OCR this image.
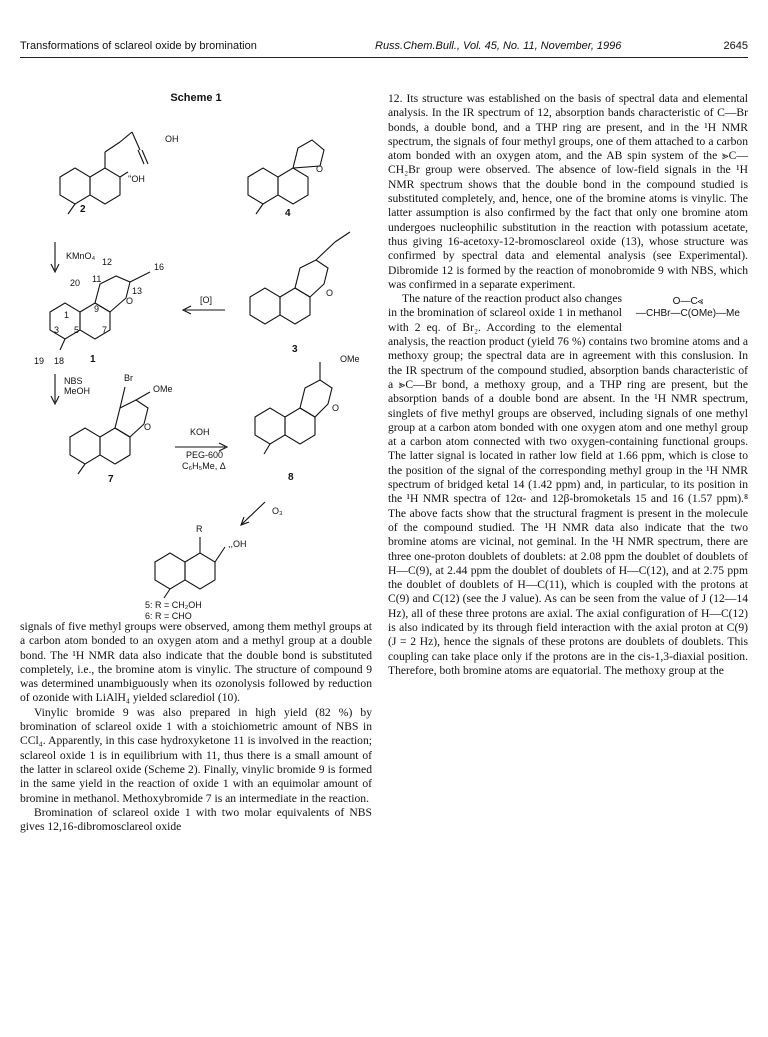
Transformations of sclareol oxide by bromination	Russ.Chem.Bull., Vol. 45, No. 11, November, 1996	2645
Scheme 1
OH
''OH
2	4
O
KMnO₄
12	16
20 11
13
9
1
3 5	7
19 18
O
1
[O]
3
O
NBS
MeOH
Br
OMe
O
7
KOH
PEG-600
C₆H₅Me, Δ
OMe
O
8
O₃
R
,,OH
5: R = CH₂OH
6: R = CHO

signals of five methyl groups were observed, among them methyl groups at a carbon atom bonded to an oxygen atom and a methyl group at a double bond. The ¹H NMR data also indicate that the double bond is substituted completely, i.e., the bromine atom is vinylic. The structure of compound 9 was determined unambiguously when its ozonolysis followed by reduction of ozonide with LiAlH₄ yielded sclarediol (10).

Vinylic bromide 9 was also prepared in high yield (82 %) by bromination of sclareol oxide 1 with a stoichiometric amount of NBS in CCl₄. Apparently, in this case hydroxyketone 11 is involved in the reaction; sclareol oxide 1 is in equilibrium with 11, thus there is a small amount of the latter in sclareol oxide (Scheme 2). Finally, vinylic bromide 9 is formed in the same yield in the reaction of oxide 1 with an equimolar amount of bromine in methanol. Methoxybromide 7 is an intermediate in the reaction.

Bromination of sclareol oxide 1 with two molar equivalents of NBS gives 12,16-dibromosclareol oxide

12. Its structure was established on the basis of spectral data and elemental analysis. In the IR spectrum of 12, absorption bands characteristic of C—Br bonds, a double bond, and a THP ring are present, and in the ¹H NMR spectrum, the signals of four methyl groups, one of them attached to a carbon atom bonded with an oxygen atom, and the AB spin system of the ⪢C—CH₂Br group were observed. The absence of low-field signals in the ¹H NMR spectrum shows that the double bond in the compound studied is substituted completely, and, hence, one of the bromine atoms is vinylic. The latter assumption is also confirmed by the fact that only one bromine atom undergoes nucleophilic substitution in the reaction with potassium acetate, thus giving 16-acetoxy-12-bromosclareol oxide (13), whose structure was confirmed by spectral data and elemental analysis (see Experimental). Dibromide 12 is formed by the reaction of monobromide 9 with NBS, which was confirmed in a separate experiment.

O—C⪡
—CHBr—C(OMe)—Me

The nature of the reaction product also changes in the bromination of sclareol oxide 1 in methanol with 2 eq. of Br₂. According to the elemental analysis, the reaction product (yield 76 %) contains two bromine atoms and a methoxy group; the spectral data are in agreement with this conslusion. In the IR spectrum of the compound studied, absorption bands characteristic of a ⪢C—Br bond, a methoxy group, and a THP ring are present, but the absorption bands of a double bond are absent. In the ¹H NMR spectrum, singlets of five methyl groups are observed, including signals of one methyl group at a carbon atom bonded with one oxygen atom and one methyl group at a carbon atom connected with two oxygen-containing functional groups. The latter signal is located in rather low field at 1.66 ppm, which is close to the position of the signal of the corresponding methyl group in the ¹H NMR spectrum of bridged ketal 14 (1.42 ppm) and, in particular, to its position in the ¹H NMR spectra of 12α- and 12β-bromoketals 15 and 16 (1.57 ppm).⁸ The above facts show that the structural fragment is present in the molecule of the compound studied. The ¹H NMR data also indicate that the two bromine atoms are vicinal, not geminal. In the ¹H NMR spectrum, there are three one-proton doublets of doublets: at 2.08 ppm the doublet of doublets of H—C(9), at 2.44 ppm the doublet of doublets of H—C(12), and at 2.75 ppm the doublet of doublets of H—C(11), which is coupled with the protons at C(9) and C(12) (see the J value). As can be seen from the value of J (12—14 Hz), all of these three protons are axial. The axial configuration of H—C(12) is also indicated by its through field interaction with the axial proton at C(9) (J = 2 Hz), hence the signals of these protons are doublets of doublets. This coupling can take place only if the protons are in the cis-1,3-diaxial position. Therefore, both bromine atoms are equatorial. The methoxy group at the
